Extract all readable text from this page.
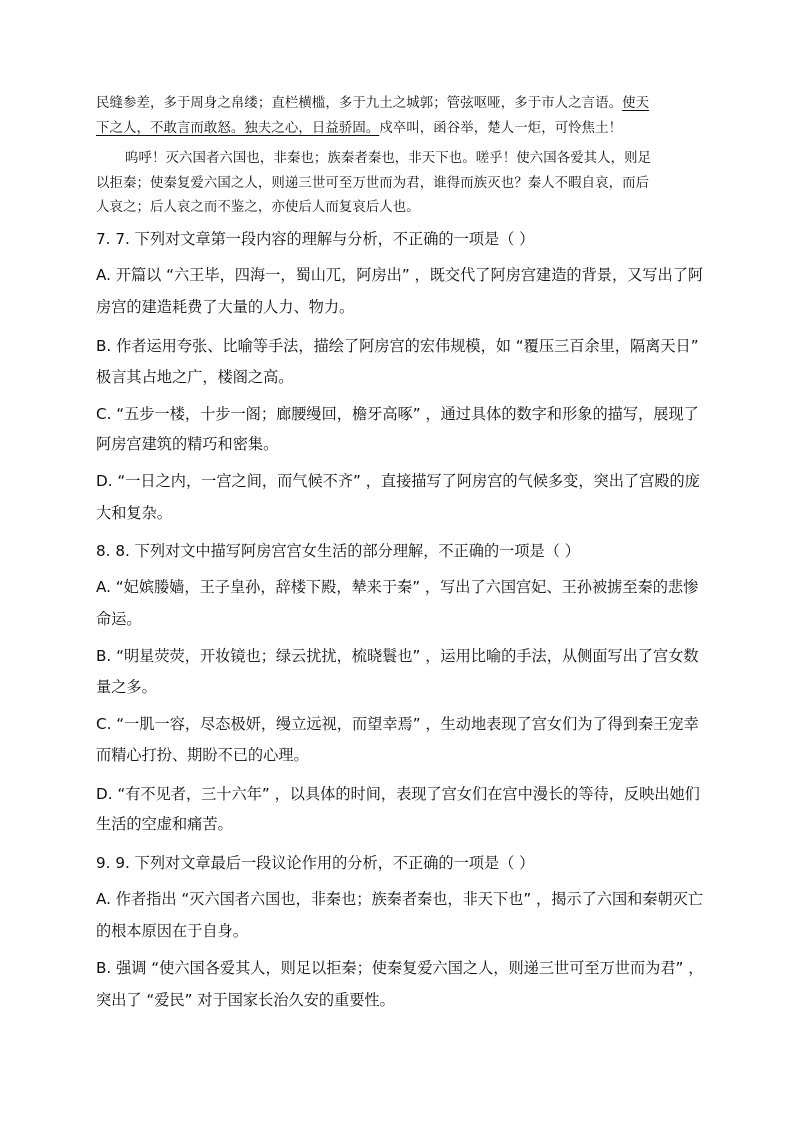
民缝参差，多于周身之帛缕；直栏横槛，多于九土之城郭；管弦呕哑，多于市人之言语。使天
下之人，不敢言而敢怒。独夫之心，日益骄固。戍卒叫，函谷举，楚人一炬，可怜焦土！
呜呼！灭六国者六国也，非秦也；族秦者秦也，非天下也。嗟乎！使六国各爱其人，则足
以拒秦；使秦复爱六国之人，则递三世可至万世而为君，谁得而族灭也？秦人不暇自哀，而后
人哀之；后人哀之而不鉴之，亦使后人而复哀后人也。
7. 7. 下列对文章第一段内容的理解与分析，不正确的一项是（ ）
A. 开篇以 “六王毕，四海一，蜀山兀，阿房出” ，既交代了阿房宫建造的背景，又写出了阿
房宫的建造耗费了大量的人力、物力。
B. 作者运用夸张、比喻等手法，描绘了阿房宫的宏伟规模，如 “覆压三百余里，隔离天日”
极言其占地之广，楼阁之高。
C. “五步一楼，十步一阁；廊腰缦回，檐牙高啄” ，通过具体的数字和形象的描写，展现了
阿房宫建筑的精巧和密集。
D. “一日之内，一宫之间，而气候不齐” ，直接描写了阿房宫的气候多变，突出了宫殿的庞
大和复杂。
8. 8. 下列对文中描写阿房宫宫女生活的部分理解，不正确的一项是（ ）
A. “妃嫔媵嫱，王子皇孙，辞楼下殿，辇来于秦” ，写出了六国宫妃、王孙被掳至秦的悲惨
命运。
B. “明星荧荧，开妆镜也；绿云扰扰，梳晓鬟也” ，运用比喻的手法，从侧面写出了宫女数
量之多。
C. “一肌一容，尽态极妍，缦立远视，而望幸焉” ，生动地表现了宫女们为了得到秦王宠幸
而精心打扮、期盼不已的心理。
D. “有不见者，三十六年” ，以具体的时间，表现了宫女们在宫中漫长的等待，反映出她们
生活的空虚和痛苦。
9. 9. 下列对文章最后一段议论作用的分析，不正确的一项是（ ）
A. 作者指出 “灭六国者六国也，非秦也；族秦者秦也，非天下也” ，揭示了六国和秦朝灭亡
的根本原因在于自身。
B. 强调 “使六国各爱其人，则足以拒秦；使秦复爱六国之人，则递三世可至万世而为君” ，
突出了 “爱民” 对于国家长治久安的重要性。
